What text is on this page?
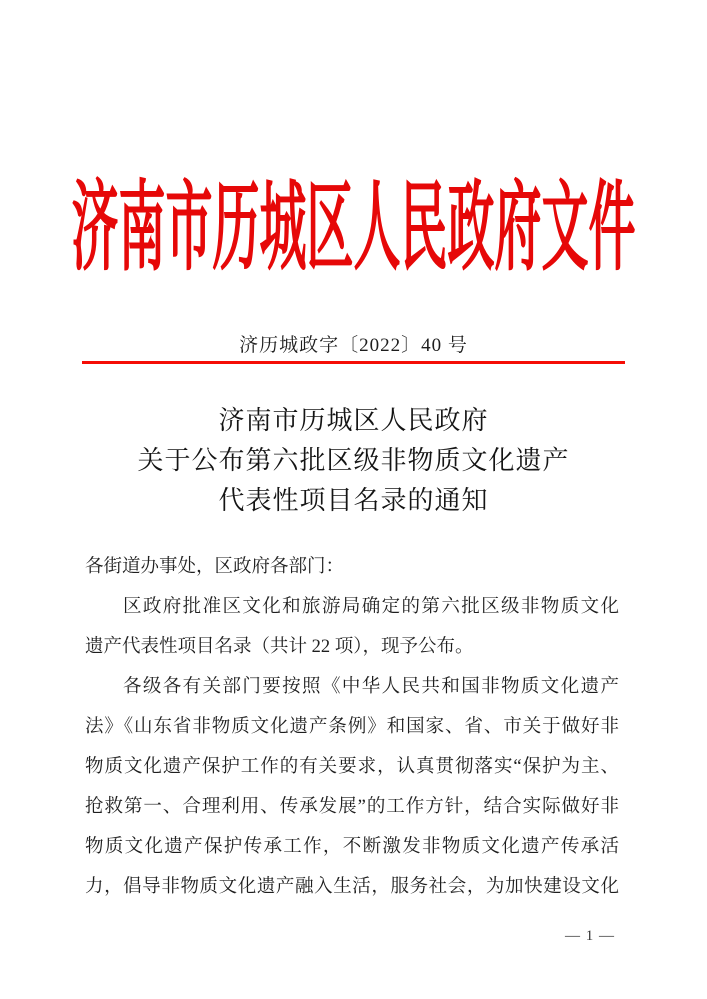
济南市历城区人民政府文件
济历城政字〔2022〕40 号
济南市历城区人民政府
关于公布第六批区级非物质文化遗产
代表性项目名录的通知

各街道办事处，区政府各部门：

区政府批准区文化和旅游局确定的第六批区级非物质文化

遗产代表性项目名录（共计 22 项），现予公布。

各级各有关部门要按照《中华人民共和国非物质文化遗产

法》《山东省非物质文化遗产条例》和国家、省、市关于做好非

物质文化遗产保护工作的有关要求，认真贯彻落实“保护为主、

抢救第一、合理利用、传承发展”的工作方针，结合实际做好非

物质文化遗产保护传承工作，不断激发非物质文化遗产传承活

力，倡导非物质文化遗产融入生活，服务社会，为加快建设文化

— 1 —
